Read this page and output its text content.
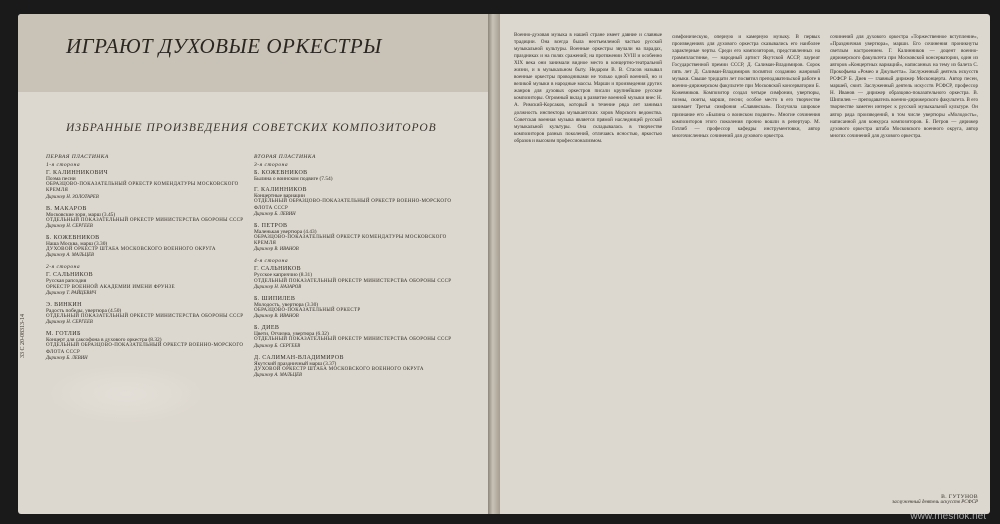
ИГРАЮТ ДУХОВЫЕ ОРКЕСТРЫ
ИЗБРАННЫЕ ПРОИЗВЕДЕНИЯ СОВЕТСКИХ КОМПОЗИТОРОВ
33 С 20-08313-14
ПЕРВАЯ ПЛАСТИНКА
1-я сторона
Г. КАЛИННИКОВИЧ
Поэма песни
ОБРАЗЦОВО-ПОКАЗАТЕЛЬНЫЙ ОРКЕСТР КОМЕНДАТУРЫ МОСКОВСКОГО КРЕМЛЯ
Дирижер Н. ЗОЛОТАРЕВ
В. МАКАРОВ
Московские зори, марш (3.45)
ОТДЕЛЬНЫЙ ПОКАЗАТЕЛЬНЫЙ ОРКЕСТР МИНИСТЕРСТВА ОБОРОНЫ СССР
Дирижер Н. СЕРГЕЕВ
Б. КОЖЕВНИКОВ
Наша Москва, марш (3.30)
ДУХОВОЙ ОРКЕСТР ШТАБА МОСКОВСКОГО ВОЕННОГО ОКРУГА
Дирижер А. МАЛЬЦЕВ
2-я сторона
Г. САЛЬНИКОВ
Русская рапсодия
ОРКЕСТР ВОЕННОЙ АКАДЕМИИ ИМЕНИ ФРУНЗЕ
Дирижер Т. РАЙЦЕВИЧ
Э. ВИНКИН
Радость победы, увертюра (4.50)
ОТДЕЛЬНЫЙ ПОКАЗАТЕЛЬНЫЙ ОРКЕСТР МИНИСТЕРСТВА ОБОРОНЫ СССР
Дирижер Н. СЕРГЕЕВ
М. ГОТЛИБ
Концерт для саксофона в духового оркестра (8.32)
ОТДЕЛЬНЫЙ ОБРАЗЦОВО-ПОКАЗАТЕЛЬНЫЙ ОРКЕСТР ВОЕННО-МОРСКОГО ФЛОТА СССР
Дирижер Б. ЛЕВИН
ВТОРАЯ ПЛАСТИНКА
3-я сторона
Б. КОЖЕВНИКОВ
Былина о воинском подвиге (7.54)
Г. КАЛИННИКОВ
Концертные вариации
ОТДЕЛЬНЫЙ ОБРАЗЦОВО-ПОКАЗАТЕЛЬНЫЙ ОРКЕСТР ВОЕННО-МОРСКОГО ФЛОТА СССР
Дирижер Б. ЛЕВИН
Б. ПЕТРОВ
Маленькая увертюра (4.43)
ОБРАЗЦОВО-ПОКАЗАТЕЛЬНЫЙ ОРКЕСТР КОМЕНДАТУРЫ МОСКОВСКОГО КРЕМЛЯ
Дирижер В. ИВАНОВ
4-я сторона
Г. САЛЬНИКОВ
Русское каприччио (8.31)
ОТДЕЛЬНЫЙ ПОКАЗАТЕЛЬНЫЙ ОРКЕСТР МИНИСТЕРСТВА ОБОРОНЫ СССР
Дирижер Н. НАЗАРОВ
Б. ШИПИЛЕВ
Молодость, увертюра (3.30)
ОБРАЗЦОВО-ПОКАЗАТЕЛЬНЫЙ ОРКЕСТР
Дирижер В. ИВАНОВ
Б. ДИЕВ
Цвети, Отчизна, увертюра (6.32)
ОТДЕЛЬНЫЙ ПОКАЗАТЕЛЬНЫЙ ОРКЕСТР МИНИСТЕРСТВА ОБОРОНЫ СССР
Дирижер Б. СЕРГЕЕВ
Д. САЛИМАН-ВЛАДИМИРОВ
Якутский праздничный марш (3.37)
ДУХОВОЙ ОРКЕСТР ШТАБА МОСКОВСКОГО ВОЕННОГО ОКРУГА
Дирижер А. МАЛЬЦЕВ
Военно-духовая музыка в нашей стране имеет давние и славные традиции. Она всегда была неотъемлемой частью русской музыкальной культуры. Военные оркестры звучали на парадах, праздниках и на полях сражений; на протяжении XVIII и особенно XIX века они занимали видное место в концертно-театральной жизни, и в музыкальном быту. Недаром В. В. Стасов называл военные оркестры проводниками не только одной военной, но и великой музыки в народные массы. Марши и произведения других жанров для духовых оркестров писали крупнейшие русские композиторы. Огромный вклад в развитие военной музыки внес Н. А. Римский-Корсаков, который в течение ряда лет занимал должность инспектора музыкантских хоров Морского ведомства. Советская военная музыка является прямой наследницей русской музыкальной культуры. Она складывалась в творчестве композиторов разных поколений, отличаясь ясностью, яркостью образов и высоким профессионализмом.
симфоническую, оперную и камерную музыку. В первых произведениях для духового оркестра сказывались его наиболее характерные черты. Среди его композиторов, представленных на граммпластинке, — народный артист Якутской АССР, лауреат Государственной премии СССР, Д. Салиман-Владимиров. Сорок пять лет Д. Салиман-Владимиров посвятил созданию жанровой музыки. Свыше тридцати лет посвятил преподавательской работе в военно-дирижерском факультете при Московской консерватории Б. Кожевников. Композитор создал четыре симфонии, увертюры, поэмы, сюиты, марши, песни; особое место в его творчестве занимает Третья симфония «Славянская». Получила широкое признание его «Былина о воинском подвиге». Многие сочинения композиторов этого поколения прочно вошли в репертуар. М. Готлиб — профессор кафедры инструментовки, автор многочисленных сочинений для духового оркестра.
сочинений для духового оркестра «Торжественное вступление», «Праздничная увертюра», марши. Его сочинения проникнуты светлым настроением. Г. Калинников — доцент военно-дирижерского факультета при Московской консерватории, один из авторов «Концертных вариаций», написанных на тему из балета С. Прокофьева «Ромео и Джульетта». Заслуженный деятель искусств РСФСР Б. Диев — главный дирижер Москонцерта. Автор песен, маршей, сюит. Заслуженный деятель искусств РСФСР, профессор Н. Иванов — дирижер образцово-показательного оркестра. В. Шипилев — преподаватель военно-дирижерского факультета. В его творчестве заметен интерес к русской музыкальной культуре. Он автор ряда произведений, в том числе увертюры «Молодость», написанной для конкурса композиторов. Б. Петров — дирижер духового оркестра штаба Московского военного округа, автор многих сочинений для духового оркестра.
В. ГУТУНОВ
заслуженный деятель искусств РСФСР
www.meshok.net
